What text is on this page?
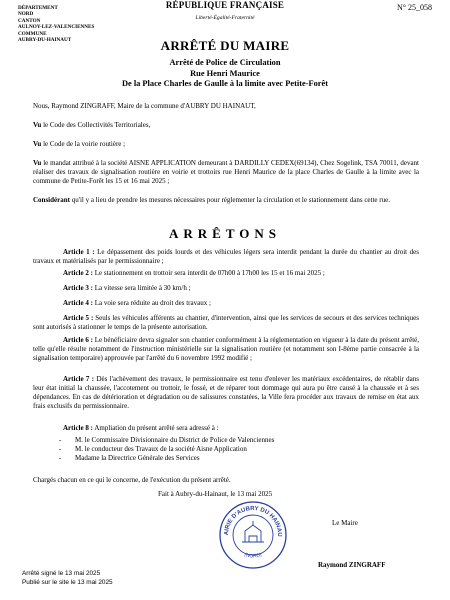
DÉPARTEMENT
NORD
CANTON
AULNOY-LEZ-VALENCIENNES
COMMUNE
AUBRY-DU-HAINAUT
RÉPUBLIQUE FRANÇAISE
Liberté-Égalité-Fraternité
N° 25_058
ARRÊTÉ DU MAIRE
Arrêté de Police de Circulation
Rue Henri Maurice
De la Place Charles de Gaulle à la limite avec Petite-Forêt
Nous, Raymond ZINGRAFF, Maire de la commune d'AUBRY DU HAINAUT,
Vu le Code des Collectivités Territoriales,
Vu le Code de la voirie routière ;
Vu le mandat attribué à la société AISNE APPLICATION demeurant à DARDILLY CEDEX(69134), Chez Sogelink, TSA 70011, devant réaliser des travaux de signalisation routière en voirie et trottoirs rue Henri Maurice de la place Charles de Gaulle à la limite avec la commune de Petite-Forêt les 15 et 16 mai 2025 ;
Considérant qu'il y a lieu de prendre les mesures nécessaires pour réglementer la circulation et le stationnement dans cette rue.
ARRÊTONS
Article 1 : Le dépassement des poids lourds et des véhicules légers sera interdit pendant la durée du chantier au droit des travaux et matérialisés par le permissionnaire ;
Article 2 : Le stationnement en trottoir sera interdit de 07h00 à 17h00 les 15 et 16 mai 2025 ;
Article 3 : La vitesse sera limitée à 30 km/h ;
Article 4 : La voie sera réduite au droit des travaux ;
Article 5 : Seuls les véhicules afférents au chantier, d'intervention, ainsi que les services de secours et des services techniques sont autorisés à stationner le temps de la présente autorisation.
Article 6 : Le bénéficiaire devra signaler son chantier conformément à la réglementation en vigueur à la date du présent arrêté, telle qu'elle résulte notamment de l'instruction ministérielle sur la signalisation routière (et notamment son I-8ème partie consacrée à la signalisation temporaire) approuvée par l'arrêté du 6 novembre 1992 modifié ;
Article 7 : Dès l'achèvement des travaux, le permissionnaire est tenu d'enlever les matériaux excédentaires, de rétablir dans leur état initial la chaussée, l'accotement ou trottoir, le fossé, et de réparer tout dommage qui aura pu être causé à la chaussée et à ses dépendances. En cas de détérioration et dégradation ou de salissures constatées, la Ville fera procéder aux travaux de remise en état aux frais exclusifs du permissionnaire.
Article 8 : Ampliation du présent arrêté sera adressé à :
- M. le Commissaire Divisionnaire du District de Police de Valenciennes
- M. le conducteur des Travaux de la société Aisne Application
- Madame la Directrice Générale des Services
Chargés chacun en ce qui le concerne, de l'exécution du présent arrêté.
Fait à Aubry-du-Hainaut, le 13 mai 2025
AIRIE D'AUBRY DU HAINAU
(NORD)
Le Maire
Raymond ZINGRAFF
Arrêté signé le 13 mai 2025
Publié sur le site le 13 mai 2025
